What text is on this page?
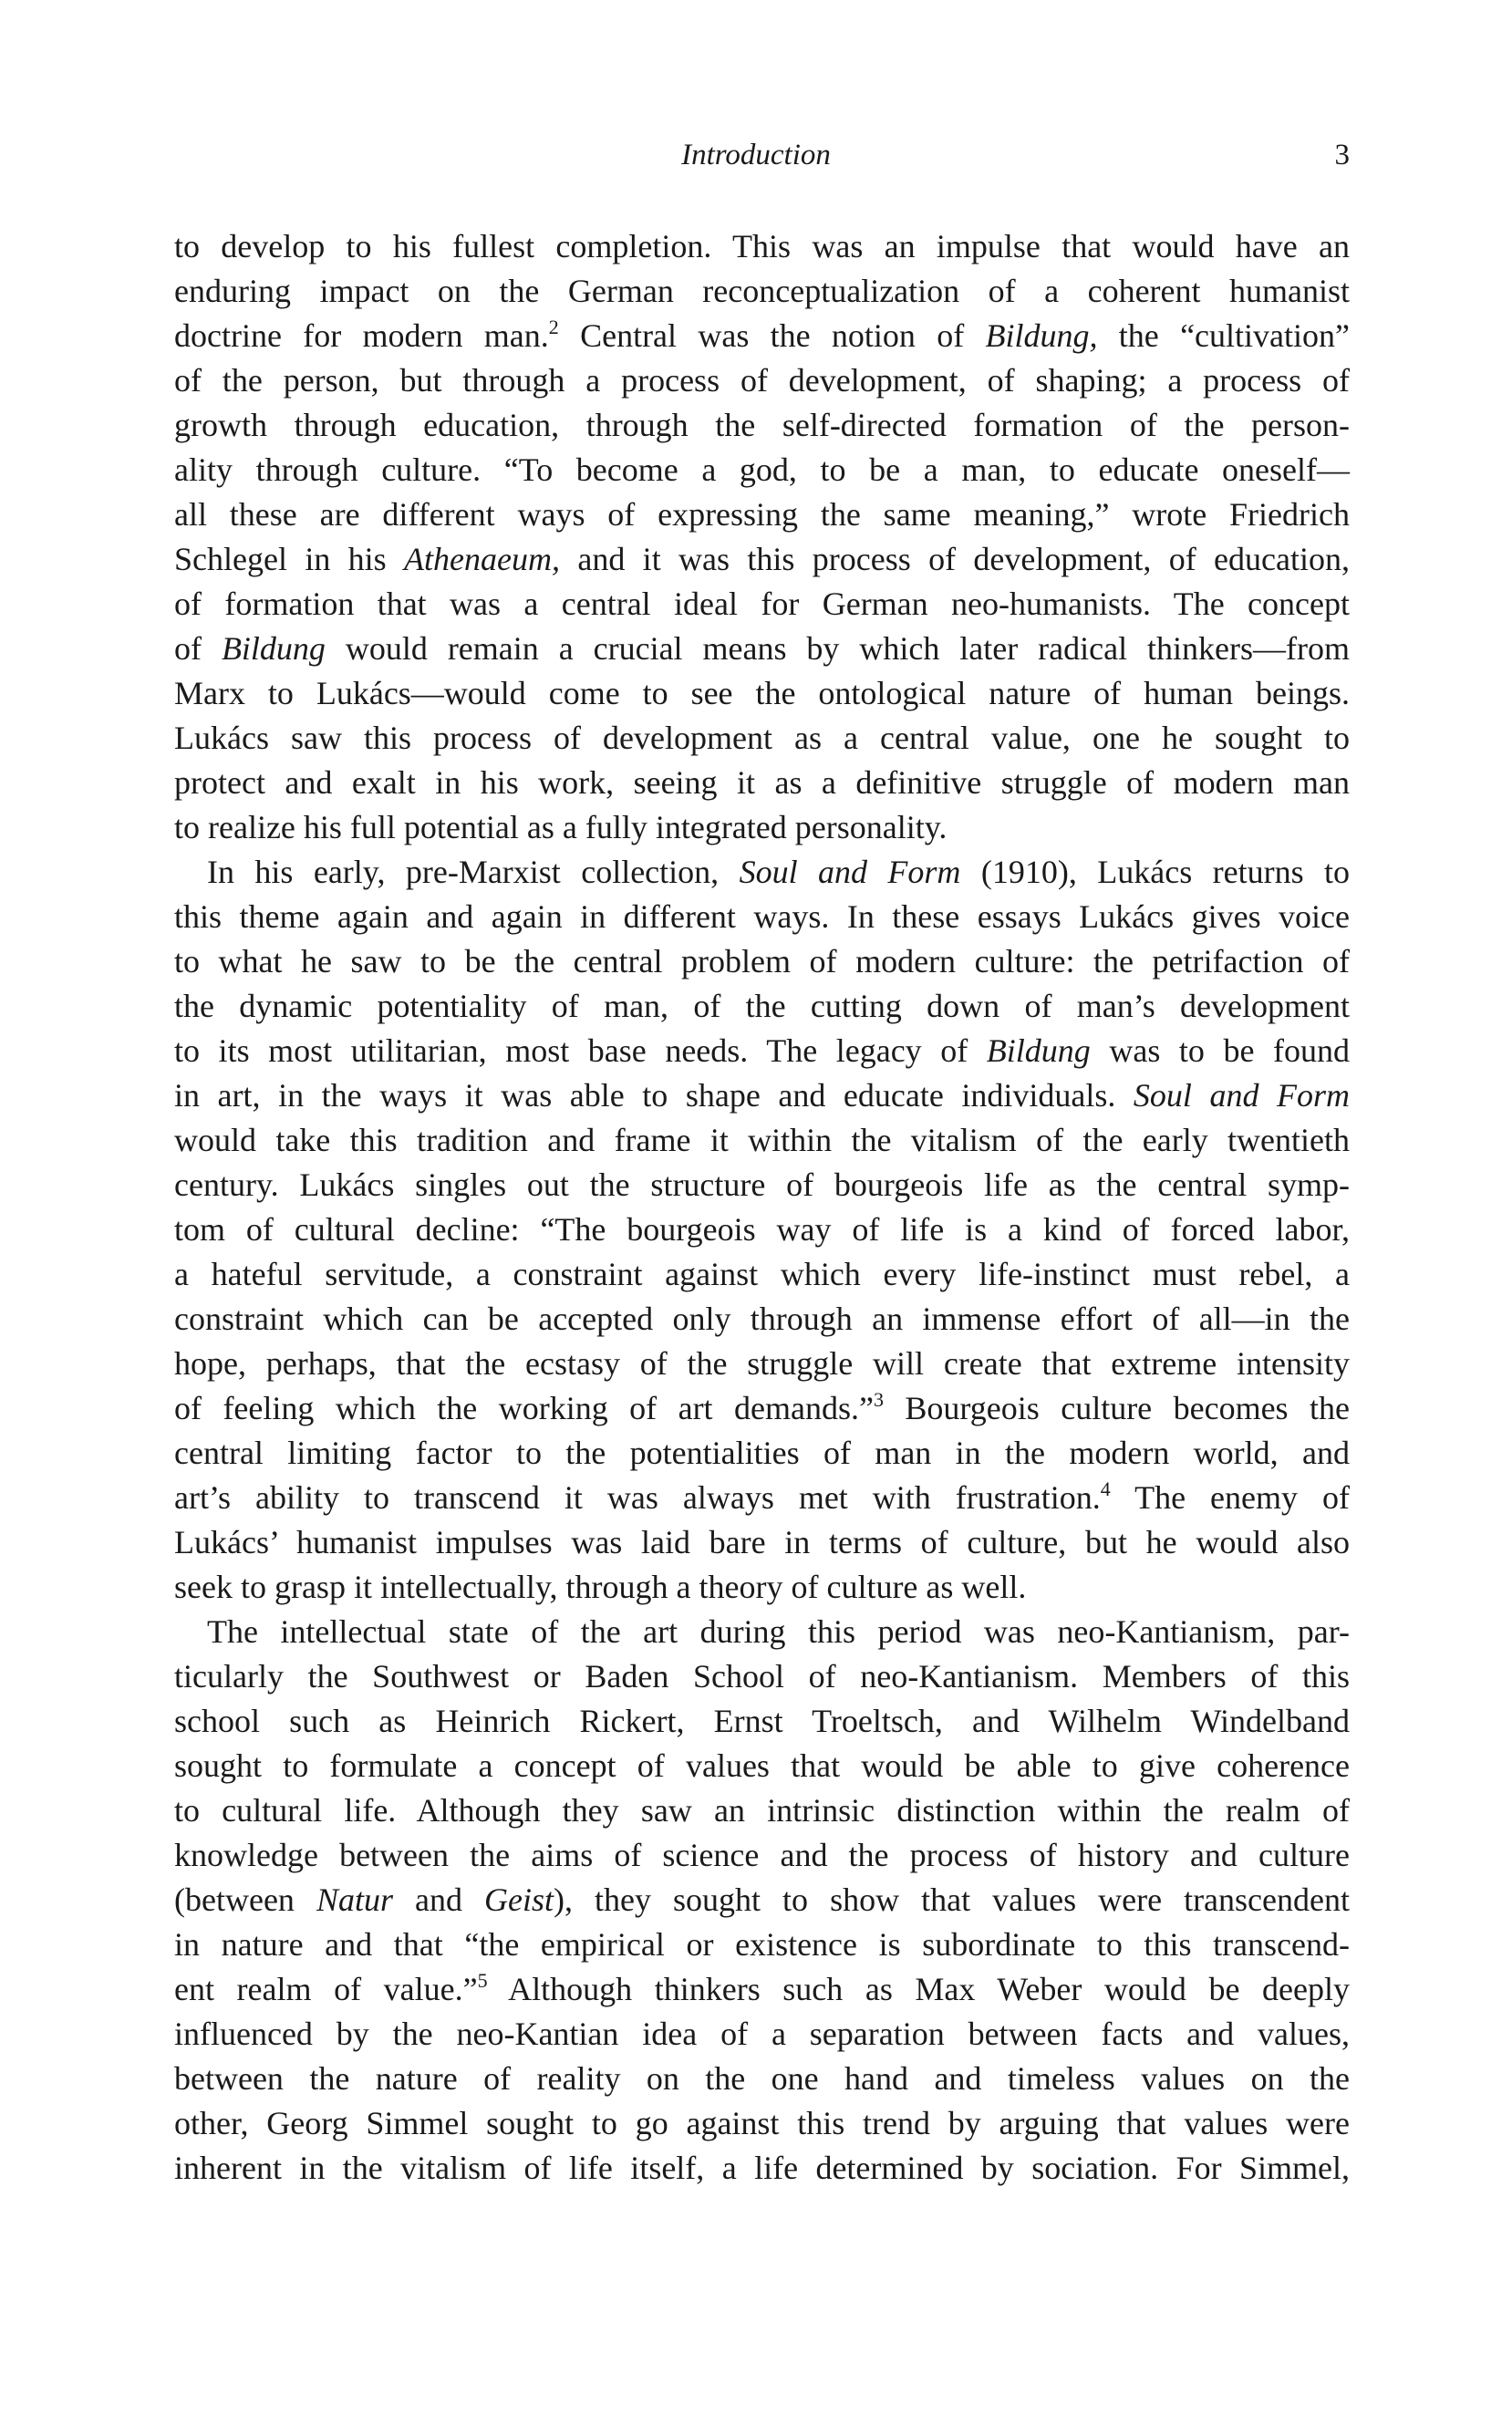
Introduction	3
to develop to his fullest completion. This was an impulse that would have an
enduring impact on the German reconceptualization of a coherent humanist
doctrine for modern man.$^2$ Central was the notion of Bildung, the “cultivation”
of the person, but through a process of development, of shaping; a process of
growth through education, through the self-directed formation of the person-
ality through culture. “To become a god, to be a man, to educate oneself—
all these are different ways of expressing the same meaning,” wrote Friedrich
Schlegel in his Athenaeum, and it was this process of development, of education,
of formation that was a central ideal for German neo-humanists. The concept
of Bildung would remain a crucial means by which later radical thinkers—from
Marx to Lukács—would come to see the ontological nature of human beings.
Lukács saw this process of development as a central value, one he sought to
protect and exalt in his work, seeing it as a definitive struggle of modern man
to realize his full potential as a fully integrated personality.
In his early, pre-Marxist collection, Soul and Form (1910), Lukács returns to
this theme again and again in different ways. In these essays Lukács gives voice
to what he saw to be the central problem of modern culture: the petrifaction of
the dynamic potentiality of man, of the cutting down of man’s development
to its most utilitarian, most base needs. The legacy of Bildung was to be found
in art, in the ways it was able to shape and educate individuals. Soul and Form
would take this tradition and frame it within the vitalism of the early twentieth
century. Lukács singles out the structure of bourgeois life as the central symp-
tom of cultural decline: “The bourgeois way of life is a kind of forced labor,
a hateful servitude, a constraint against which every life-instinct must rebel, a
constraint which can be accepted only through an immense effort of all—in the
hope, perhaps, that the ecstasy of the struggle will create that extreme intensity
of feeling which the working of art demands.”$^3$ Bourgeois culture becomes the
central limiting factor to the potentialities of man in the modern world, and
art’s ability to transcend it was always met with frustration.$^4$ The enemy of
Lukács’ humanist impulses was laid bare in terms of culture, but he would also
seek to grasp it intellectually, through a theory of culture as well.
The intellectual state of the art during this period was neo-Kantianism, par-
ticularly the Southwest or Baden School of neo-Kantianism. Members of this
school such as Heinrich Rickert, Ernst Troeltsch, and Wilhelm Windelband
sought to formulate a concept of values that would be able to give coherence
to cultural life. Although they saw an intrinsic distinction within the realm of
knowledge between the aims of science and the process of history and culture
(between Natur and Geist), they sought to show that values were transcendent
in nature and that “the empirical or existence is subordinate to this transcend-
ent realm of value.”$^5$ Although thinkers such as Max Weber would be deeply
influenced by the neo-Kantian idea of a separation between facts and values,
between the nature of reality on the one hand and timeless values on the
other, Georg Simmel sought to go against this trend by arguing that values were
inherent in the vitalism of life itself, a life determined by sociation. For Simmel,
